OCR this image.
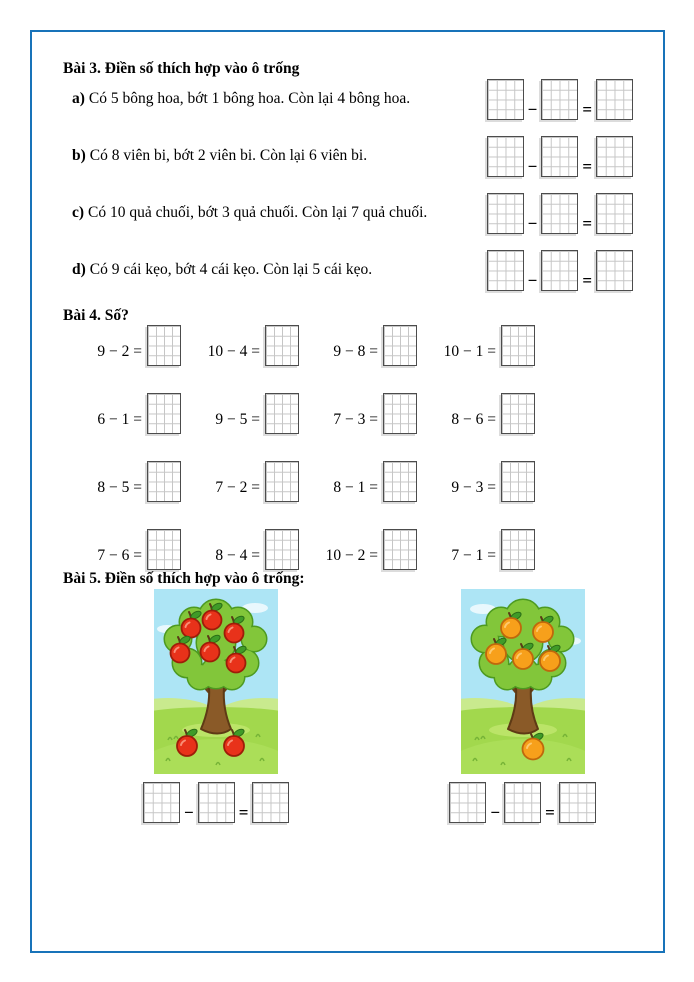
Bài 3. Điền số thích hợp vào ô trống
a) Có 5 bông hoa, bớt 1 bông hoa. Còn lại 4 bông hoa.
−	=
b) Có 8 viên bi, bớt 2 viên bi. Còn lại 6 viên bi.
−	=
c) Có 10 quả chuối, bớt 3 quả chuối. Còn lại 7 quả chuối.
−	=
d) Có 9 cái kẹo, bớt 4 cái kẹo. Còn lại 5 cái kẹo.
−	=
Bài 4. Số?
9 − 2 =	10 − 4 =	9 − 8 =	10 − 1 =
6 − 1 =	9 − 5 =	7 − 3 =	8 − 6 =
8 − 5 =	7 − 2 =	8 − 1 =	9 − 3 =
7 − 6 =	8 − 4 =	10 − 2 =	7 − 1 =
Bài 5. Điền số thích hợp vào ô trống:
−	=	−	=
